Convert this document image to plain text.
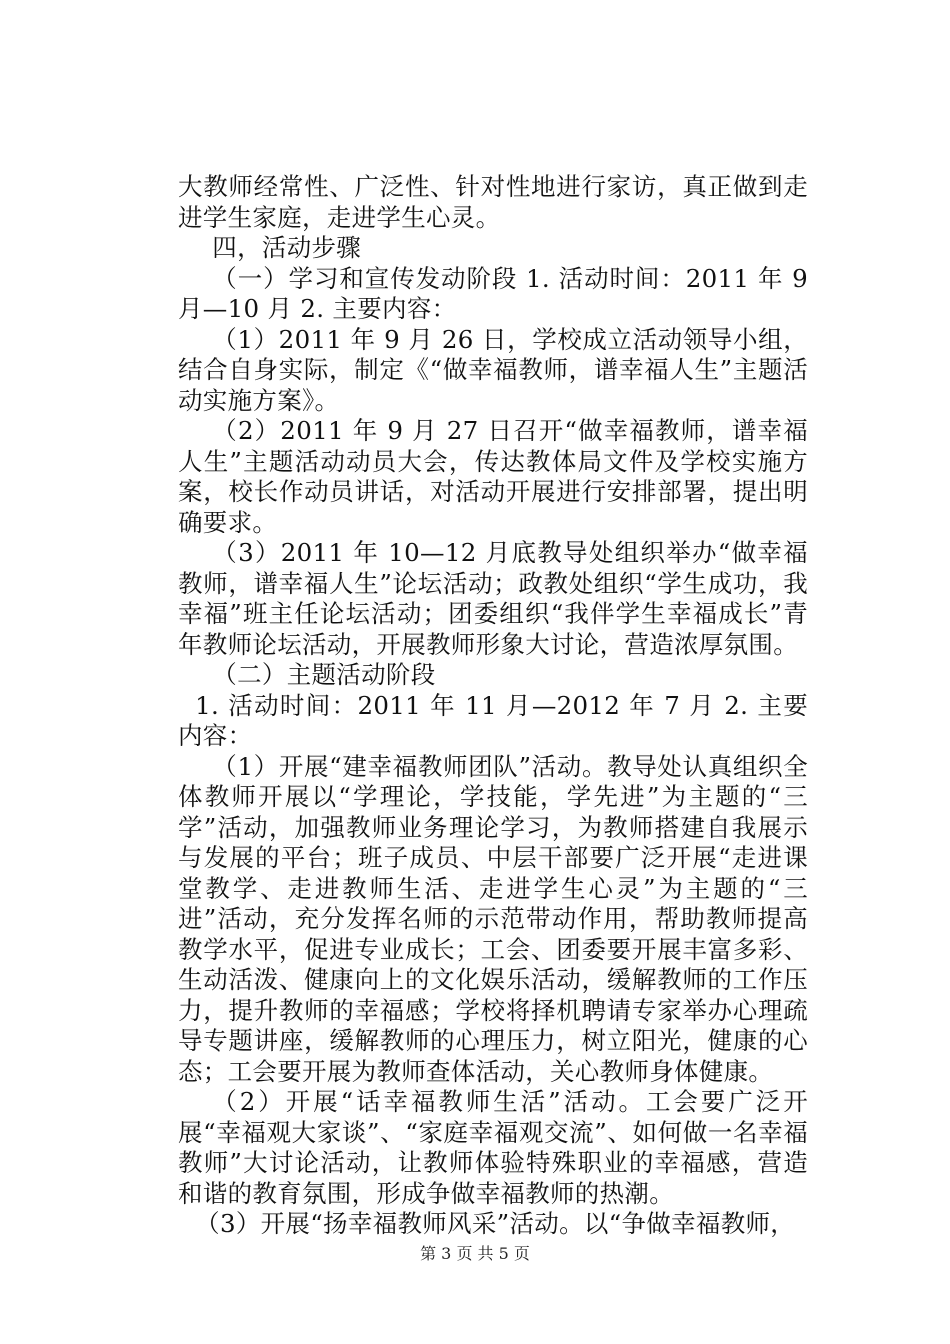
大教师经常性、广泛性、针对性地进行家访，真正做到走进学生家庭，走进学生心灵。

四，活动步骤

（一）学习和宣传发动阶段 1. 活动时间：2011 年 9 月—10 月 2. 主要内容：

（1）2011 年 9 月 26 日，学校成立活动领导小组，结合自身实际，制定《“做幸福教师，谱幸福人生”主题活动实施方案》。

（2）2011 年 9 月 27 日召开“做幸福教师，谱幸福人生”主题活动动员大会，传达教体局文件及学校实施方案，校长作动员讲话，对活动开展进行安排部署，提出明确要求。

（3）2011 年 10—12 月底教导处组织举办“做幸福教师，谱幸福人生”论坛活动；政教处组织“学生成功，我幸福”班主任论坛活动；团委组织“我伴学生幸福成长”青年教师论坛活动，开展教师形象大讨论，营造浓厚氛围。

（二）主题活动阶段

1. 活动时间：2011 年 11 月—2012 年 7 月 2. 主要内容：

（1）开展“建幸福教师团队”活动。教导处认真组织全体教师开展以“学理论，学技能，学先进”为主题的“三学”活动，加强教师业务理论学习，为教师搭建自我展示与发展的平台；班子成员、中层干部要广泛开展“走进课堂教学、走进教师生活、走进学生心灵”为主题的“三进”活动，充分发挥名师的示范带动作用，帮助教师提高教学水平，促进专业成长；工会、团委要开展丰富多彩、生动活泼、健康向上的文化娱乐活动，缓解教师的工作压力，提升教师的幸福感；学校将择机聘请专家举办心理疏导专题讲座，缓解教师的心理压力，树立阳光，健康的心态；工会要开展为教师查体活动，关心教师身体健康。

（2）开展“话幸福教师生活”活动。工会要广泛开展“幸福观大家谈”、“家庭幸福观交流”、如何做一名幸福教师”大讨论活动，让教师体验特殊职业的幸福感，营造和谐的教育氛围，形成争做幸福教师的热潮。

（3）开展“扬幸福教师风采”活动。以“争做幸福教师，

第 3 页 共 5 页
